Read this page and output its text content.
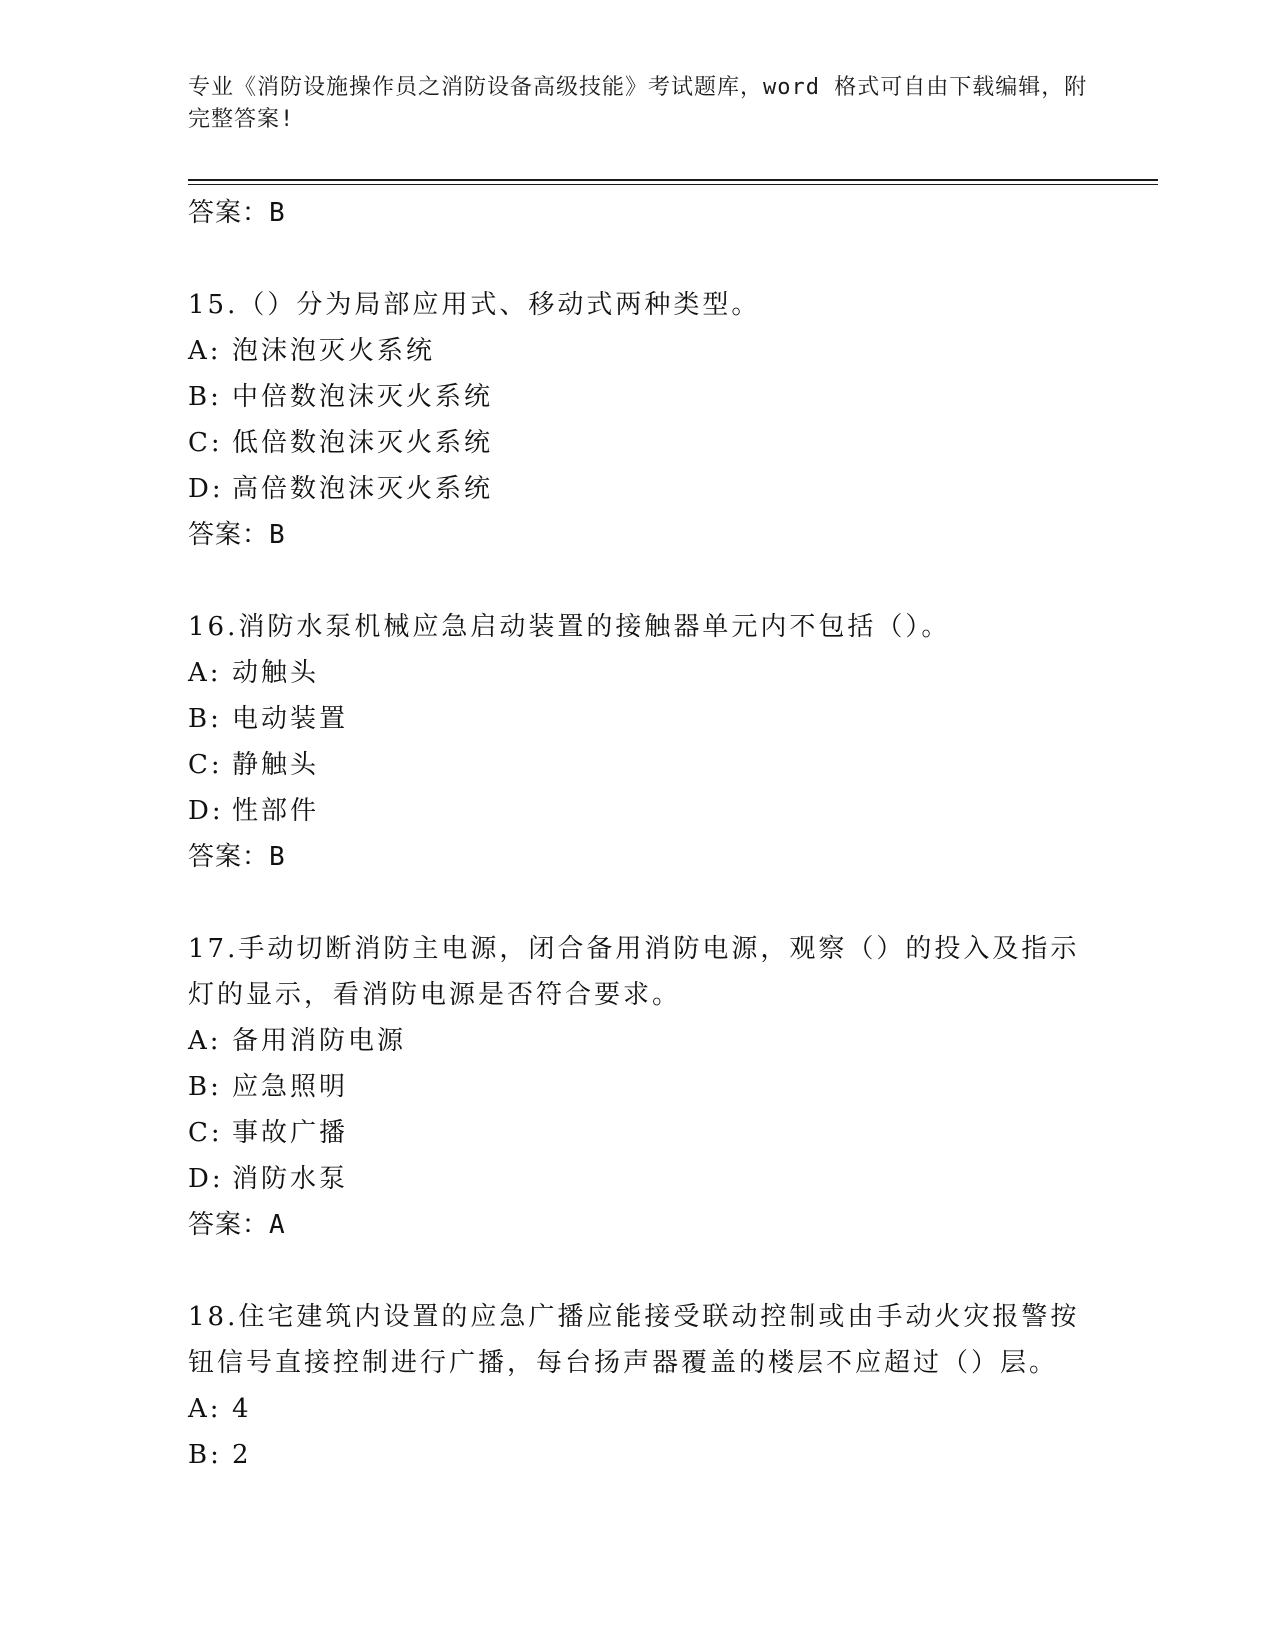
专业《消防设施操作员之消防设备高级技能》考试题库，word 格式可自由下载编辑，附完整答案!
答案：B
15.（）分为局部应用式、移动式两种类型。
A: 泡沫泡灭火系统
B: 中倍数泡沫灭火系统
C: 低倍数泡沫灭火系统
D: 高倍数泡沫灭火系统
答案：B
16.消防水泵机械应急启动装置的接触器单元内不包括（）。
A: 动触头
B: 电动装置
C: 静触头
D: 性部件
答案：B
17.手动切断消防主电源，闭合备用消防电源，观察（）的投入及指示灯的显示，看消防电源是否符合要求。
A: 备用消防电源
B: 应急照明
C: 事故广播
D: 消防水泵
答案：A
18.住宅建筑内设置的应急广播应能接受联动控制或由手动火灾报警按钮信号直接控制进行广播，每台扬声器覆盖的楼层不应超过（）层。
A: 4
B: 2
